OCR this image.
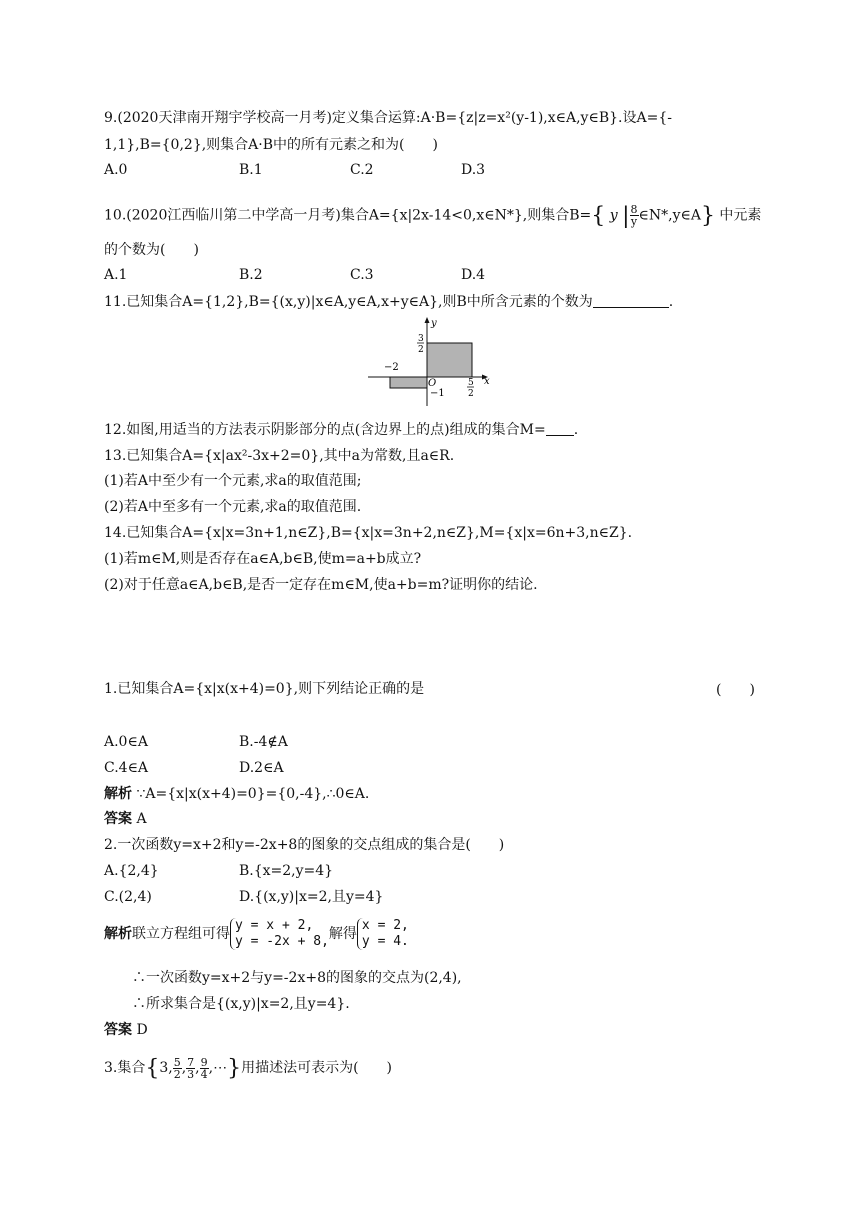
9.(2020天津南开翔宇学校高一月考)定义集合运算:A·B={z|z=x²(y-1),x∈A,y∈B}.设A={-
1,1},B={0,2},则集合A·B中的所有元素之和为(　　)
A.0	B.1	C.2	D.3
10.(2020江西临川第二中学高一月考)集合A={x|2x-14<0,x∈N*},则集合B={ y | $\frac{8}{y}$ ∈N*,y∈A} 中元素
的个数为(　　)
A.1	B.2	C.3	D.4
11.已知集合A={1,2},B={(x,y)|x∈A,y∈A,x+y∈A},则B中所含元素的个数为	.
y
x
O
−2
−1
3
2
5
2
12.如图,用适当的方法表示阴影部分的点(含边界上的点)组成的集合M= .
13.已知集合A={x|ax²-3x+2=0},其中a为常数,且a∈R.
(1)若A中至少有一个元素,求a的取值范围;
(2)若A中至多有一个元素,求a的取值范围.
14.已知集合A={x|x=3n+1,n∈Z},B={x|x=3n+2,n∈Z},M={x|x=6n+3,n∈Z}.
(1)若m∈M,则是否存在a∈A,b∈B,使m=a+b成立?
(2)对于任意a∈A,b∈B,是否一定存在m∈M,使a+b=m?证明你的结论.
1.已知集合A={x|x(x+4)=0},则下列结论正确的是	(　　)
A.0∈A	B.-4∉A
C.4∈A	D.2∈A
解析 ∵A={x|x(x+4)=0}={0,-4},∴0∈A.
答案 A
2.一次函数y=x+2和y=-2x+8的图象的交点组成的集合是(　　)
A.{2,4}	B.{x=2,y=4}
C.(2,4)	D.{(x,y)|x=2,且y=4}
解析联立方程组可得
y = x + 2,
y = -2x + 8, 解得
x = 2,
y = 4.
∴一次函数y=x+2与y=-2x+8的图象的交点为(2,4),
∴所求集合是{(x,y)|x=2,且y=4}.
答案 D
3.集合{3, $\frac{5}{2}$ , $\frac{7}{3}$ , $\frac{9}{4}$ ,⋯}用描述法可表示为(　　)
